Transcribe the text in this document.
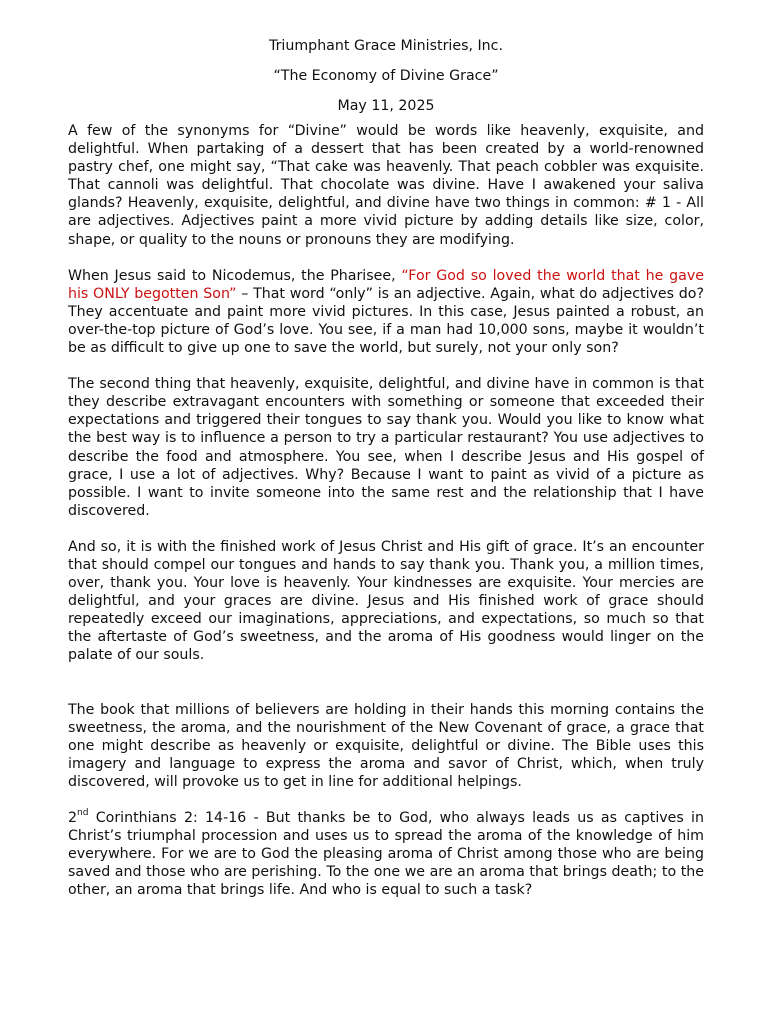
Triumphant Grace Ministries, Inc.
“The Economy of Divine Grace”
May 11, 2025

A few of the synonyms for “Divine” would be words like heavenly, exquisite, and delightful. When partaking of a dessert that has been created by a world-renowned pastry chef, one might say, “That cake was heavenly. That peach cobbler was exquisite. That cannoli was delightful. That chocolate was divine. Have I awakened your saliva glands? Heavenly, exquisite, delightful, and divine have two things in common: # 1 - All are adjectives. Adjectives paint a more vivid picture by adding details like size, color, shape, or quality to the nouns or pronouns they are modifying.

When Jesus said to Nicodemus, the Pharisee, “For God so loved the world that he gave his ONLY begotten Son” – That word “only” is an adjective. Again, what do adjectives do? They accentuate and paint more vivid pictures. In this case, Jesus painted a robust, an over-the-top picture of God’s love. You see, if a man had 10,000 sons, maybe it wouldn’t be as difficult to give up one to save the world, but surely, not your only son?

The second thing that heavenly, exquisite, delightful, and divine have in common is that they describe extravagant encounters with something or someone that exceeded their expectations and triggered their tongues to say thank you. Would you like to know what the best way is to influence a person to try a particular restaurant? You use adjectives to describe the food and atmosphere. You see, when I describe Jesus and His gospel of grace, I use a lot of adjectives. Why? Because I want to paint as vivid of a picture as possible. I want to invite someone into the same rest and the relationship that I have discovered.

And so, it is with the finished work of Jesus Christ and His gift of grace. It’s an encounter that should compel our tongues and hands to say thank you. Thank you, a million times, over, thank you. Your love is heavenly. Your kindnesses are exquisite. Your mercies are delightful, and your graces are divine. Jesus and His finished work of grace should repeatedly exceed our imaginations, appreciations, and expectations, so much so that the aftertaste of God’s sweetness, and the aroma of His goodness would linger on the palate of our souls.

The book that millions of believers are holding in their hands this morning contains the sweetness, the aroma, and the nourishment of the New Covenant of grace, a grace that one might describe as heavenly or exquisite, delightful or divine. The Bible uses this imagery and language to express the aroma and savor of Christ, which, when truly discovered, will provoke us to get in line for additional helpings.

2nd Corinthians 2: 14-16 - But thanks be to God, who always leads us as captives in Christ’s triumphal procession and uses us to spread the aroma of the knowledge of him everywhere. For we are to God the pleasing aroma of Christ among those who are being saved and those who are perishing. To the one we are an aroma that brings death; to the other, an aroma that brings life. And who is equal to such a task?
